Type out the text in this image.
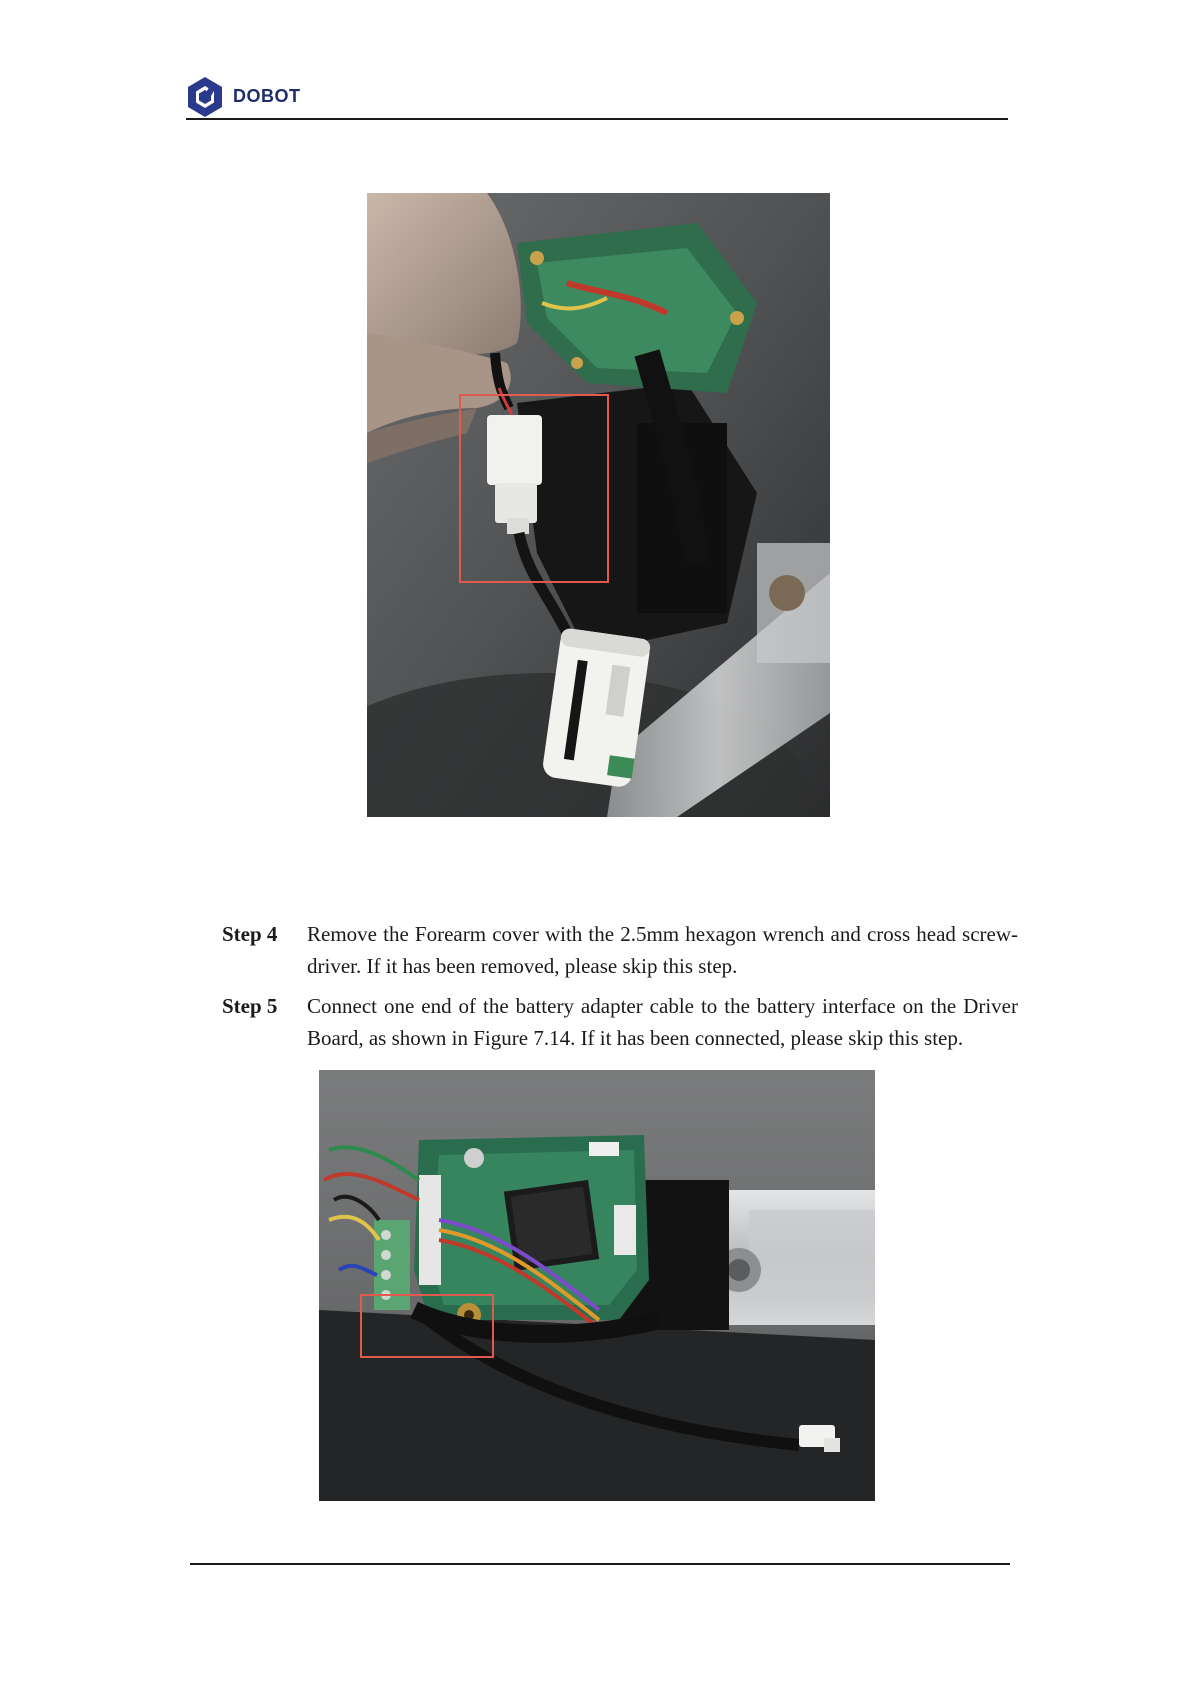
DOBOT
Step 4	Remove the Forearm cover with the 2.5mm hexagon wrench and cross head screw-driver. If it has been removed, please skip this step.
Step 5	Connect one end of the battery adapter cable to the battery interface on the Driver Board, as shown in Figure 7.14. If it has been connected, please skip this step.
